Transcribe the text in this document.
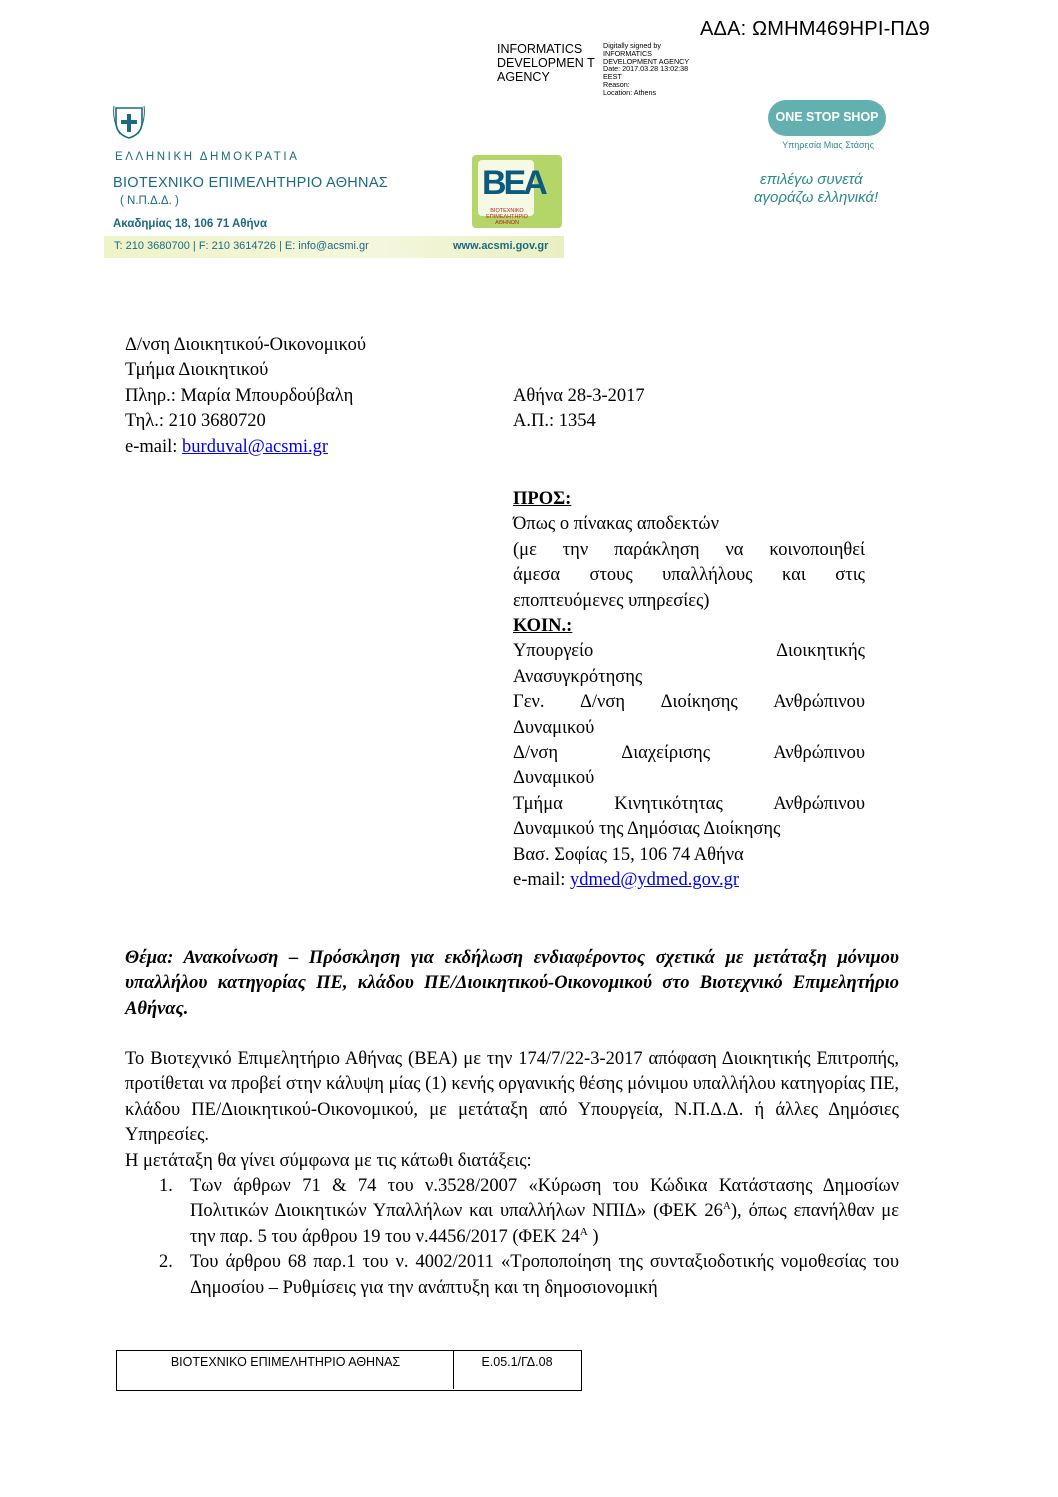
ΑΔΑ: ΩΜΗΜ469ΗΡΙ-ΠΔ9
INFORMATICS DEVELOPMEN T AGENCY
Digitally signed by
INFORMATICS
DEVELOPMENT AGENCY
Date: 2017.03.28 13:02:38
EEST
Reason:
Location: Athens
ΕΛΛΗΝΙΚΗ ΔΗΜΟΚΡΑΤΙΑ
ΒΙΟΤΕΧΝΙΚΟ ΕΠΙΜΕΛΗΤΗΡΙΟ ΑΘΗΝΑΣ
( Ν.Π.Δ.Δ. )
Ακαδημίας 18, 106 71 Αθήνα
Τ: 210 3680700 | F: 210 3614726 | E: info@acsmi.gr	www.acsmi.gov.gr
ΒΕΑ
ΒΙΟΤΕΧΝΙΚΟ ΕΠΙΜΕΛΗΤΗΡΙΟ ΑΘΗΝΩΝ
ONE STOP SHOP
Υπηρεσία Μιας Στάσης
επιλέγω συνετά
αγοράζω ελληνικά!
Δ/νση Διοικητικού-Οικονομικού
Τμήμα Διοικητικού
Πληρ.: Μαρία Μπουρδούβαλη
Τηλ.: 210 3680720
e-mail: burduval@acsmi.gr
Αθήνα 28-3-2017
Α.Π.: 1354
ΠΡΟΣ:
Όπως ο πίνακας αποδεκτών
(με την παράκληση να κοινοποιηθεί
άμεσα στους υπαλλήλους και στις
εποπτευόμενες υπηρεσίες)
ΚΟΙΝ.:
Υπουργείο Διοικητικής
Ανασυγκρότησης
Γεν. Δ/νση Διοίκησης Ανθρώπινου
Δυναμικού
Δ/νση Διαχείρισης Ανθρώπινου
Δυναμικού
Τμήμα Κινητικότητας Ανθρώπινου
Δυναμικού της Δημόσιας Διοίκησης
Βασ. Σοφίας 15, 106 74 Αθήνα
e-mail: ydmed@ydmed.gov.gr
Θέμα: Ανακοίνωση – Πρόσκληση για εκδήλωση ενδιαφέροντος σχετικά με μετάταξη μόνιμου υπαλλήλου κατηγορίας ΠΕ, κλάδου ΠΕ/Διοικητικού-Οικονομικού στο Βιοτεχνικό Επιμελητήριο Αθήνας.
Το Βιοτεχνικό Επιμελητήριο Αθήνας (ΒΕΑ) με την 174/7/22-3-2017 απόφαση Διοικητικής Επιτροπής, προτίθεται να προβεί στην κάλυψη μίας (1) κενής οργανικής θέσης μόνιμου υπαλλήλου κατηγορίας ΠΕ, κλάδου ΠΕ/Διοικητικού-Οικονομικού, με μετάταξη από Υπουργεία, Ν.Π.Δ.Δ. ή άλλες Δημόσιες Υπηρεσίες.
Η μετάταξη θα γίνει σύμφωνα με τις κάτωθι διατάξεις:
1. Των άρθρων 71 & 74 του ν.3528/2007 «Κύρωση του Κώδικα Κατάστασης Δημοσίων Πολιτικών Διοικητικών Υπαλλήλων και υπαλλήλων ΝΠΙΔ» (ΦΕΚ $26^A$), όπως επανήλθαν με την παρ. 5 του άρθρου 19 του ν.4456/2017 (ΦΕΚ $24^A$ )
2. Του άρθρου 68 παρ.1 του ν. 4002/2011 «Τροποποίηση της συνταξιοδοτικής νομοθεσίας του Δημοσίου – Ρυθμίσεις για την ανάπτυξη και τη δημοσιονομική
ΒΙΟΤΕΧΝΙΚΟ ΕΠΙΜΕΛΗΤΗΡΙΟ ΑΘΗΝΑΣ	Ε.05.1/ΓΔ.08
